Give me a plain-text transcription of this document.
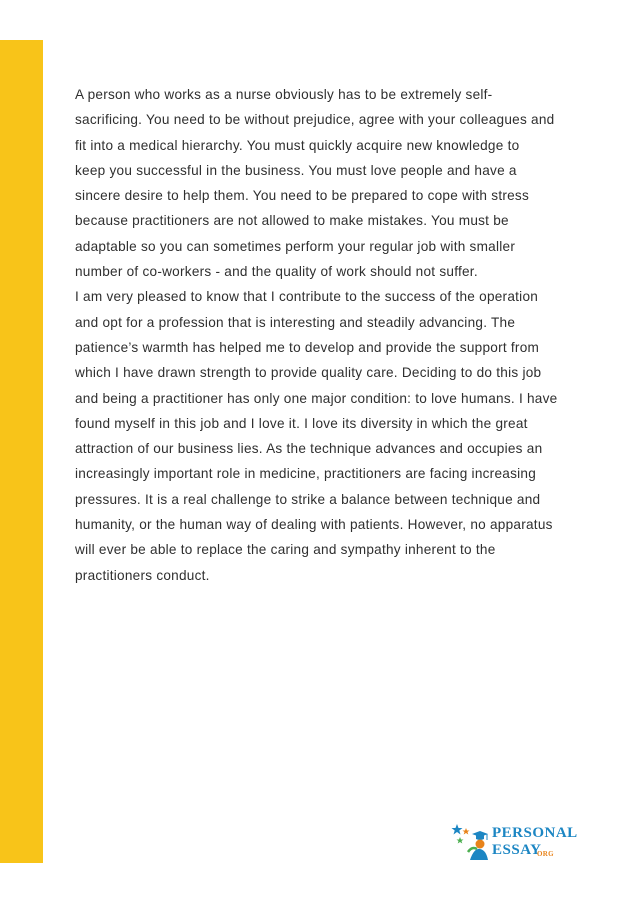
A person who works as a nurse obviously has to be extremely self-
sacrificing. You need to be without prejudice, agree with your colleagues and
fit into a medical hierarchy. You must quickly acquire new knowledge to
keep you successful in the business. You must love people and have a
sincere desire to help them. You need to be prepared to cope with stress
because practitioners are not allowed to make mistakes. You must be
adaptable so you can sometimes perform your regular job with smaller
number of co-workers - and the quality of work should not suffer.

I am very pleased to know that I contribute to the success of the operation
and opt for a profession that is interesting and steadily advancing. The
patience’s warmth has helped me to develop and provide the support from
which I have drawn strength to provide quality care. Deciding to do this job
and being a practitioner has only one major condition: to love humans. I have
found myself in this job and I love it. I love its diversity in which the great
attraction of our business lies. As the technique advances and occupies an
increasingly important role in medicine, practitioners are facing increasing
pressures. It is a real challenge to strike a balance between technique and
humanity, or the human way of dealing with patients. However, no apparatus
will ever be able to replace the caring and sympathy inherent to the
practitioners conduct.

PERSONAL
ESSAY
ORG
